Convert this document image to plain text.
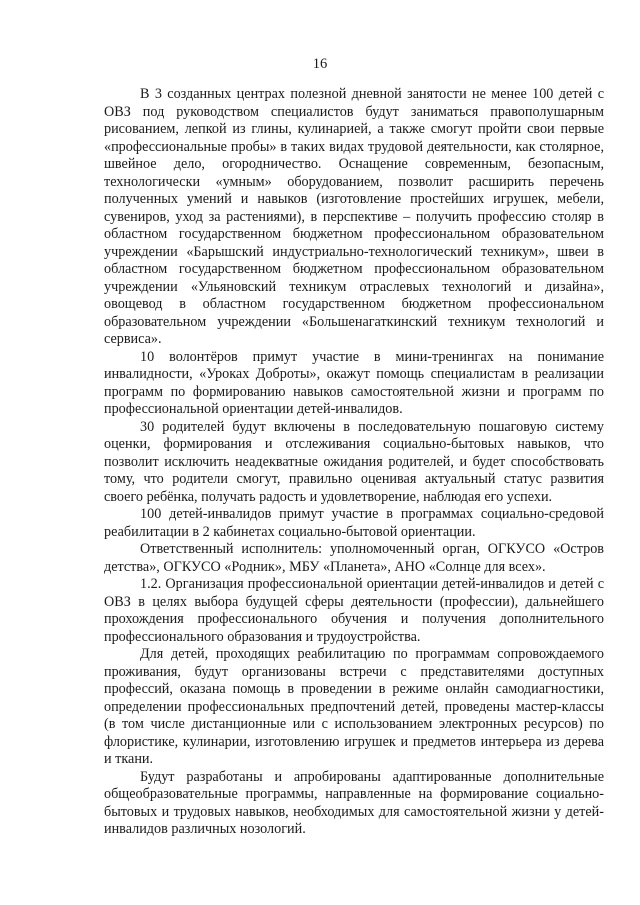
16

В 3 созданных центрах полезной дневной занятости не менее 100 детей с ОВЗ под руководством специалистов будут заниматься правополушарным рисованием, лепкой из глины, кулинарией, а также смогут пройти свои первые «профессиональные пробы» в таких видах трудовой деятельности, как столярное, швейное дело, огородничество. Оснащение современным, безопасным, технологически «умным» оборудованием, позволит расширить перечень полученных умений и навыков (изготовление простейших игрушек, мебели, сувениров, уход за растениями), в перспективе – получить профессию столяр в областном государственном бюджетном профессиональном образовательном учреждении «Барышский индустриально-технологический техникум», швеи в областном государственном бюджетном профессиональном образовательном учреждении «Ульяновский техникум отраслевых технологий и дизайна», овощевод в областном государственном бюджетном профессиональном образовательном учреждении «Большенагаткинский техникум технологий и сервиса».

10 волонтёров примут участие в мини-тренингах на понимание инвалидности, «Уроках Доброты», окажут помощь специалистам в реализации программ по формированию навыков самостоятельной жизни и программ по профессиональной ориентации детей-инвалидов.

30 родителей будут включены в последовательную пошаговую систему оценки, формирования и отслеживания социально-бытовых навыков, что позволит исключить неадекватные ожидания родителей, и будет способствовать тому, что родители смогут, правильно оценивая актуальный статус развития своего ребёнка, получать радость и удовлетворение, наблюдая его успехи.

100 детей-инвалидов примут участие в программах социально-средовой реабилитации в 2 кабинетах социально-бытовой ориентации.

Ответственный исполнитель: уполномоченный орган, ОГКУСО «Остров детства», ОГКУСО «Родник», МБУ «Планета», АНО «Солнце для всех».

1.2. Организация профессиональной ориентации детей-инвалидов и детей с ОВЗ в целях выбора будущей сферы деятельности (профессии), дальнейшего прохождения профессионального обучения и получения дополнительного профессионального образования и трудоустройства.

Для детей, проходящих реабилитацию по программам сопровождаемого проживания, будут организованы встречи с представителями доступных профессий, оказана помощь в проведении в режиме онлайн самодиагностики, определении профессиональных предпочтений детей, проведены мастер-классы (в том числе дистанционные или с использованием электронных ресурсов) по флористике, кулинарии, изготовлению игрушек и предметов интерьера из дерева и ткани.

Будут разработаны и апробированы адаптированные дополнительные общеобразовательные программы, направленные на формирование социально-бытовых и трудовых навыков, необходимых для самостоятельной жизни у детей-инвалидов различных нозологий.
